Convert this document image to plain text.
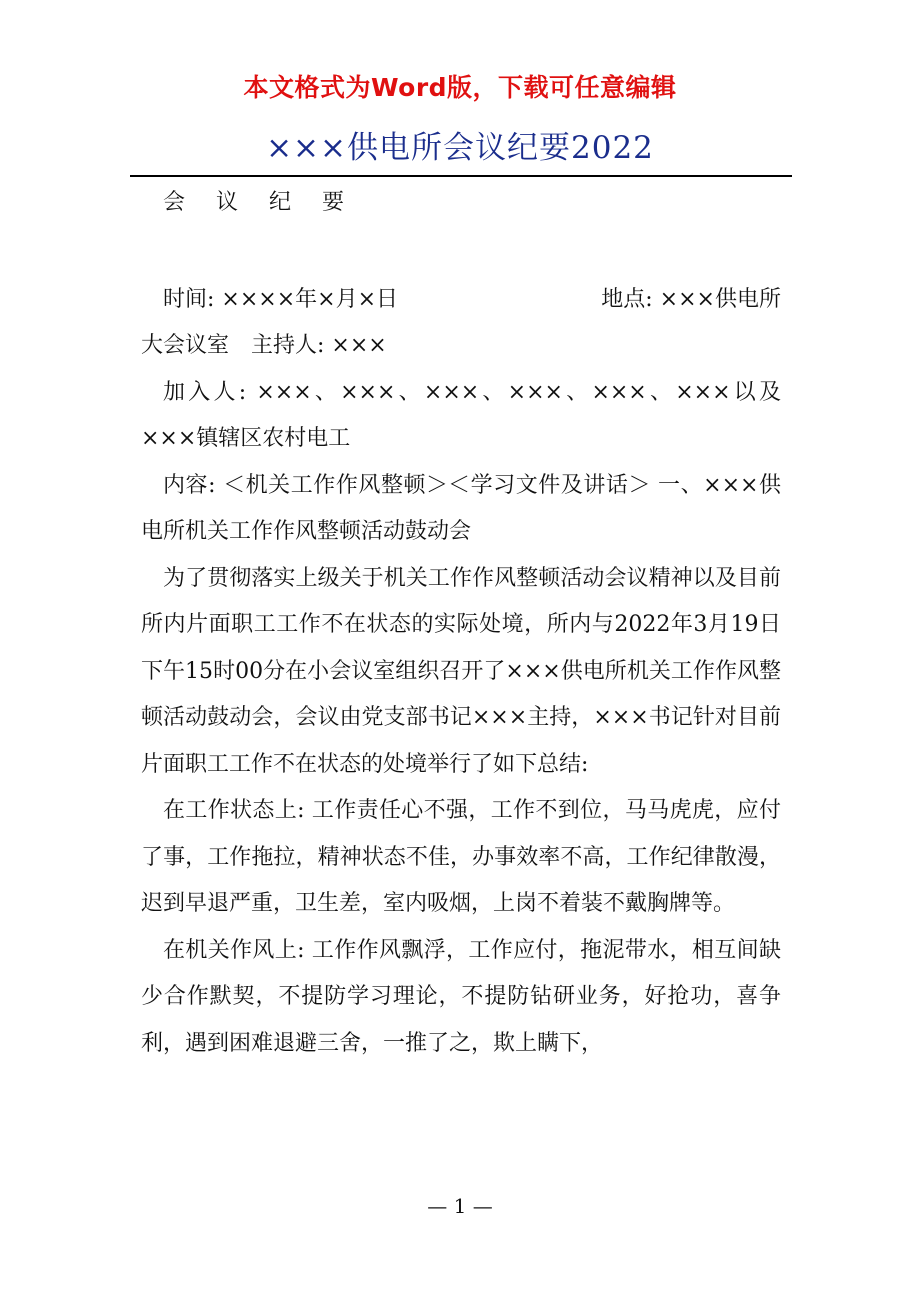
本文格式为Word版，下载可任意编辑
×××供电所会议纪要2022

会 议 纪 要

时间: ××××年×月×日	地点: ×××供电所

大会议室　主持人: ×××

加入人: ×××、×××、×××、×××、×××、×××以及×××镇辖区农村电工

内容: ＜机关工作作风整顿＞＜学习文件及讲话＞ 一、×××供电所机关工作作风整顿活动鼓动会

为了贯彻落实上级关于机关工作作风整顿活动会议精神以及目前所内片面职工工作不在状态的实际处境，所内与2022年3月19日下午15时00分在小会议室组织召开了×××供电所机关工作作风整顿活动鼓动会，会议由党支部书记×××主持，×××书记针对目前片面职工工作不在状态的处境举行了如下总结:

在工作状态上: 工作责任心不强，工作不到位，马马虎虎，应付了事，工作拖拉，精神状态不佳，办事效率不高，工作纪律散漫，迟到早退严重，卫生差，室内吸烟，上岗不着装不戴胸牌等。

在机关作风上: 工作作风飘浮，工作应付，拖泥带水，相互间缺少合作默契，不提防学习理论，不提防钻研业务，好抢功，喜争利，遇到困难退避三舍，一推了之，欺上瞒下，

— 1 —
